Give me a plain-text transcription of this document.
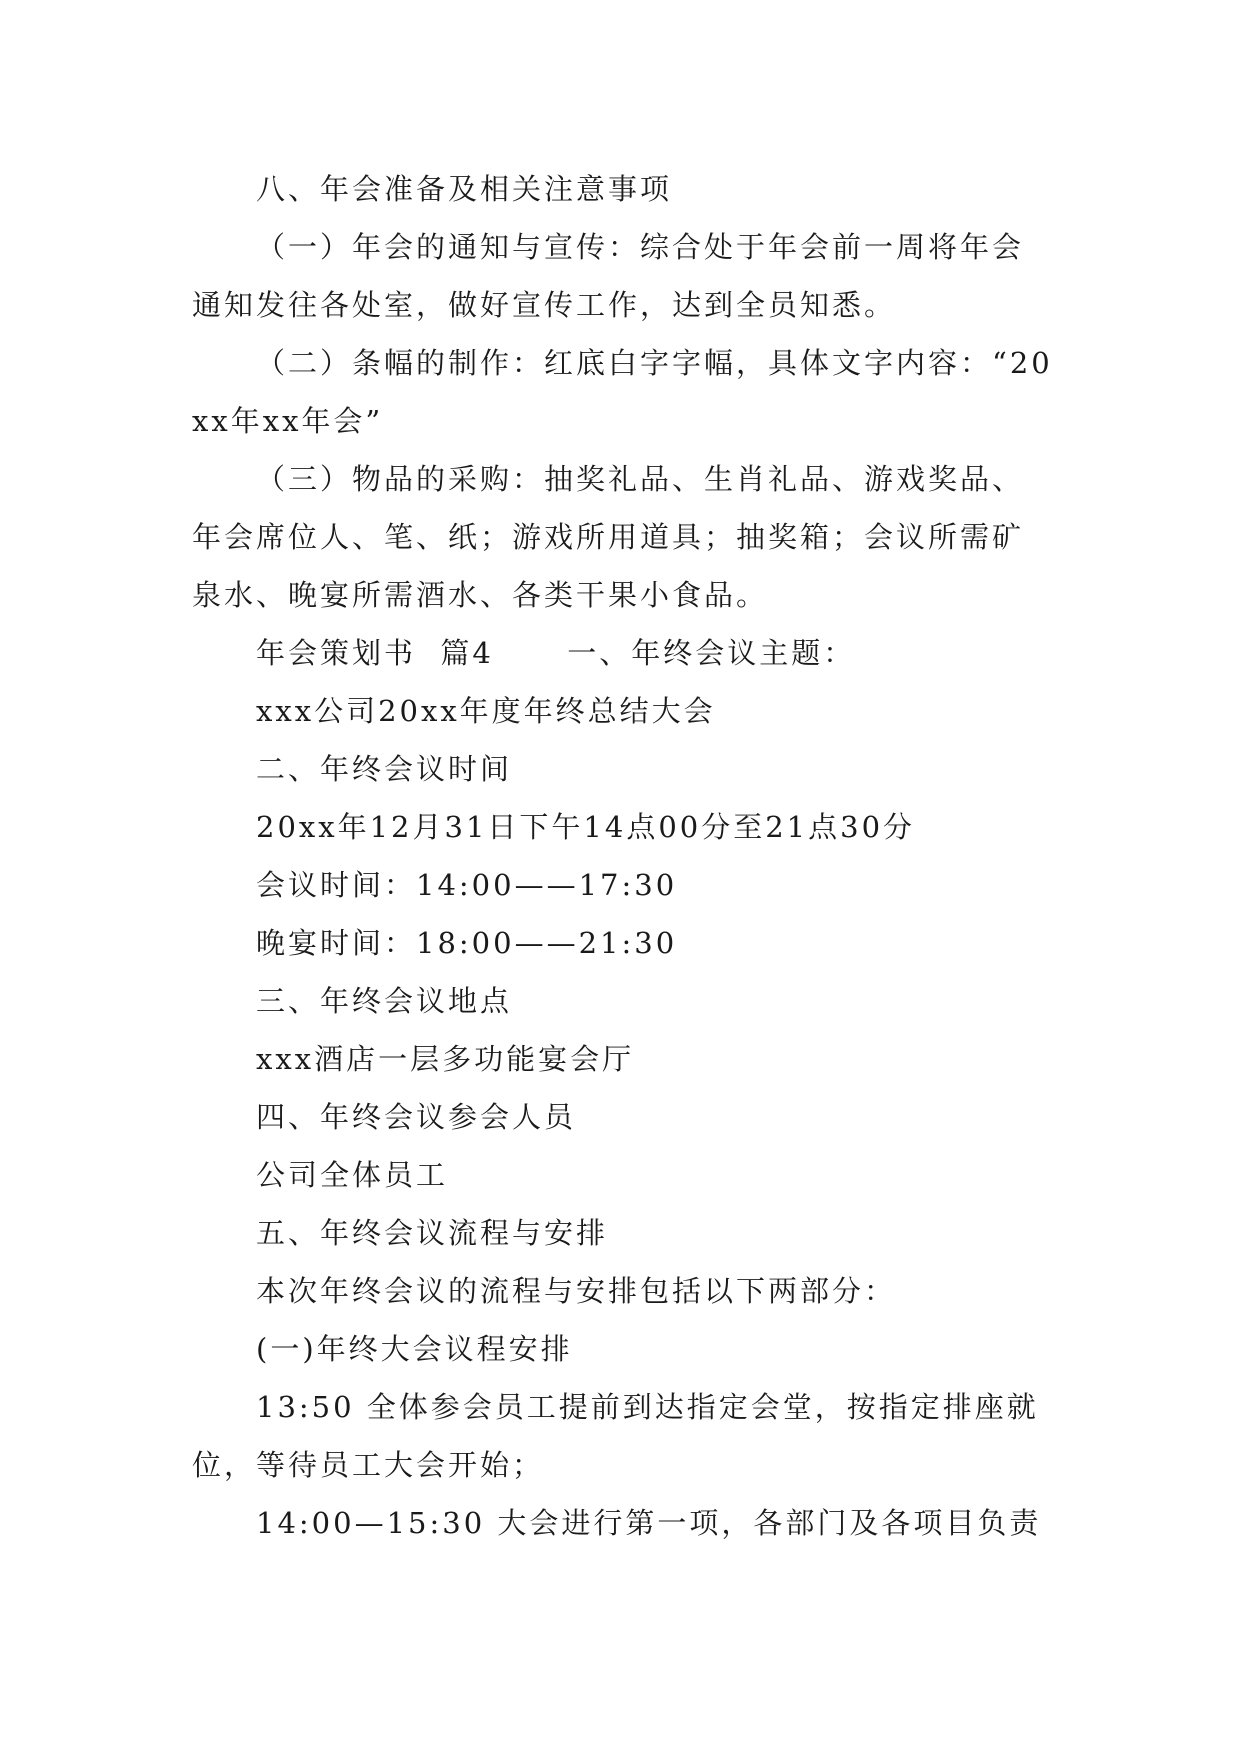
八、年会准备及相关注意事项

（一）年会的通知与宣传：综合处于年会前一周将年会通知发往各处室，做好宣传工作，达到全员知悉。

（二）条幅的制作：红底白字字幅，具体文字内容：“20xx年xx年会”

（三）物品的采购：抽奖礼品、生肖礼品、游戏奖品、年会席位人、笔、纸；游戏所用道具；抽奖箱；会议所需矿泉水、晚宴所需酒水、各类干果小食品。

年会策划书  篇4      一、年终会议主题：

xxx公司20xx年度年终总结大会

二、年终会议时间

20xx年12月31日下午14点00分至21点30分

会议时间：14:00——17:30

晚宴时间：18:00——21:30

三、年终会议地点

xxx酒店一层多功能宴会厅

四、年终会议参会人员

公司全体员工

五、年终会议流程与安排

本次年终会议的流程与安排包括以下两部分：

(一)年终大会议程安排

13:50 全体参会员工提前到达指定会堂，按指定排座就位，等待员工大会开始；

14:00—15:30 大会进行第一项，各部门及各项目负责
